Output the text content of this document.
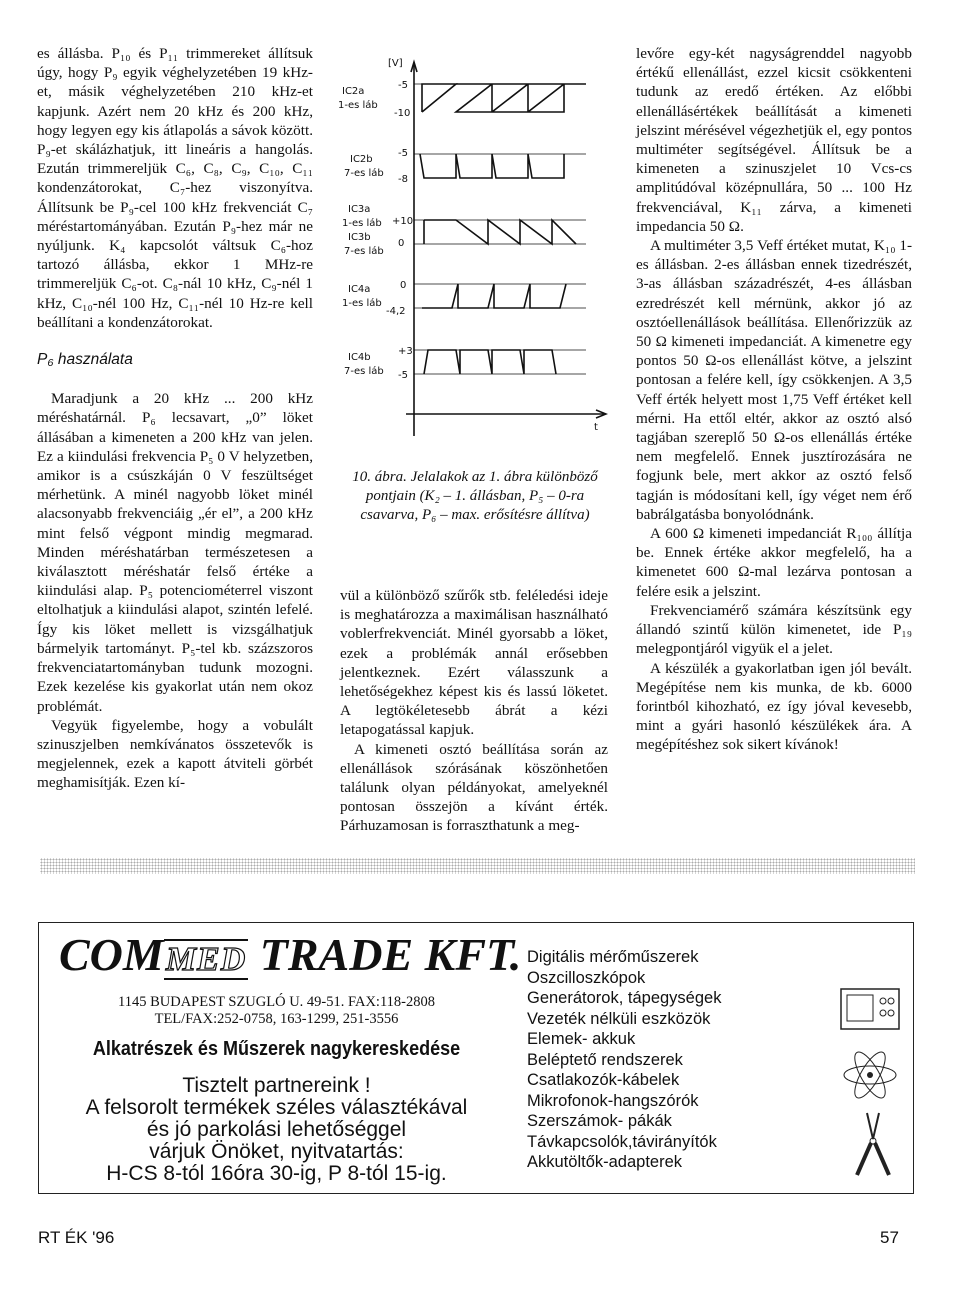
es állásba. P₁₀ és P₁₁ trimmereket állítsuk úgy, hogy P₉ egyik véghelyzetében 19 kHz-et, másik véghelyzetében 210 kHz-et kapjunk. Azért nem 20 kHz és 200 kHz, hogy legyen egy kis átlapolás a sávok között. P₉-et skálázhatjuk, itt lineáris a hangolás. Ezután trimmereljük C₆, C₈, C₉, C₁₀, C₁₁ kondenzátorokat, C₇-hez viszonyítva. Állítsunk be P₉-cel 100 kHz frekvenciát C₇ méréstartományában. Ezután P₉-hez már ne nyúljunk. K₄ kapcsolót váltsuk C₆-hoz tartozó állásba, ekkor 1 MHz-re trimmereljük C₆-ot. C₈-nál 10 kHz, C₉-nél 1 kHz, C₁₀-nél 100 Hz, C₁₁-nél 10 Hz-re kell beállítani a kondenzátorokat.

P₆ használata

Maradjunk a 20 kHz ... 200 kHz méréshatárnál. P₆ lecsavart, „0” löket állásában a kimeneten a 200 kHz van jelen. Ez a kiindulási frekvencia P₅ 0 V helyzetben, amikor is a csúszkáján 0 V feszültséget mérhetünk. A minél nagyobb löket minél alacsonyabb frekvenciáig „ér el”, a 200 kHz mint felső végpont mindig megmarad. Minden méréshatárban természetesen a kiválasztott méréshatár felső értéke a kiindulási alap. P₅ potenciométerrel viszont eltolhatjuk a kiindulási alapot, szintén lefelé. Így kis löket mellett is vizsgálhatjuk bármelyik tartományt. P₅-tel kb. százszoros frekvenciatartományban tudunk mozogni. Ezek kezelése kis gyakorlat után nem okoz problémát.

Vegyük figyelembe, hogy a vobulált szinuszjelben nemkívánatos összetevők is megjelennek, ezek a kapott átviteli görbét meghamisítják. Ezen kí-

[V]
t
IC2a
1-es láb
-5
-10
IC2b
7-es láb
-5
-8
IC3a
1-es láb +10
IC3b
7-es láb
0
IC4a
1-es láb
0
-4,2
IC4b
7-es láb
+3
-5
10. ábra. Jelalakok az 1. ábra különböző pontjain (K₂ – 1. állásban, P₅ – 0-ra csavarva, P₆ – max. erősítésre állítva)

vül a különböző szűrők stb. feléledési ideje is meghatározza a maximálisan használható voblerfrekvenciát. Minél gyorsabb a löket, ezek a problémák annál erősebben jelentkeznek. Ezért válasszunk a lehetőségekhez képest kis és lassú löketet. A legtökéletesebb ábrát a kézi letapogatással kapjuk.

A kimeneti osztó beállítása során az ellenállások szórásának köszönhetően találunk olyan példányokat, amelyeknél pontosan összejön a kívánt érték. Párhuzamosan is forraszthatunk a meg-

levőre egy-két nagyságrenddel nagyobb értékű ellenállást, ezzel kicsit csökkenteni tudunk az eredő értéken. Az előbbi ellenállásértékek beállítását a kimeneti jelszint mérésével végezhetjük el, egy pontos multiméter segítségével. Állítsuk be a kimeneten a szinuszjelet 10 Vcs-cs amplitúdóval középnullára, 50 ... 100 Hz frekvenciával, K₁₁ zárva, a kimeneti impedancia 50 Ω.

A multiméter 3,5 Veff értéket mutat, K₁₀ 1-es állásban. 2-es állásban ennek tizedrészét, 3-as állásban századrészét, 4-es állásban ezredrészét kell mérnünk, akkor jó az osztóellenállások beállítása. Ellenőrizzük az 50 Ω kimeneti impedanciát. A kimenetre egy pontos 50 Ω-os ellenállást kötve, a jelszint pontosan a felére kell, így csökkenjen. A 3,5 Veff érték helyett most 1,75 Veff értéket kell mérni. Ha ettől eltér, akkor az osztó alsó tagjában szereplő 50 Ω-os ellenállás értéke nem megfelelő. Ennek jusztírozására ne fogjunk bele, mert akkor az osztó felső tagján is módosítani kell, így véget nem érő babrálgatásba bonyolódnánk.

A 600 Ω kimeneti impedanciát R₁₀₀ állítja be. Ennek értéke akkor megfelelő, ha a kimenetet 600 Ω-mal lezárva pontosan a felére esik a jelszint.

Frekvenciamérő számára készítsünk egy állandó szintű külön kimenetet, ide P₁₉ melegpontjáról vigyük el a jelet.

A készülék a gyakorlatban igen jól bevált. Megépítése nem kis munka, de kb. 6000 forintból kihozható, ez így jóval kevesebb, mint a gyári hasonló készülékek ára. A megépítéshez sok sikert kívánok!

COMMED TRADE KFT.
1145 BUDAPEST SZUGLÓ U. 49-51. FAX:118-2808
TEL/FAX:252-0758, 163-1299, 251-3556
Alkatrészek és Műszerek nagykereskedése
Tisztelt partnereink !
A felsorolt termékek széles választékával
és jó parkolási lehetőséggel
várjuk Önöket, nyitvatartás:
H-CS 8-tól 16óra 30-ig, P 8-tól 15-ig.
Digitális mérőműszerek
Oszcilloszkópok
Generátorok, tápegységek
Vezeték nélküli eszközök
Elemek- akkuk
Beléptető rendszerek
Csatlakozók-kábelek
Mikrofonok-hangszórók
Szerszámok- pákák
Távkapcsolók,távirányítók
Akkutöltők-adapterek
RT ÉK '96	57
